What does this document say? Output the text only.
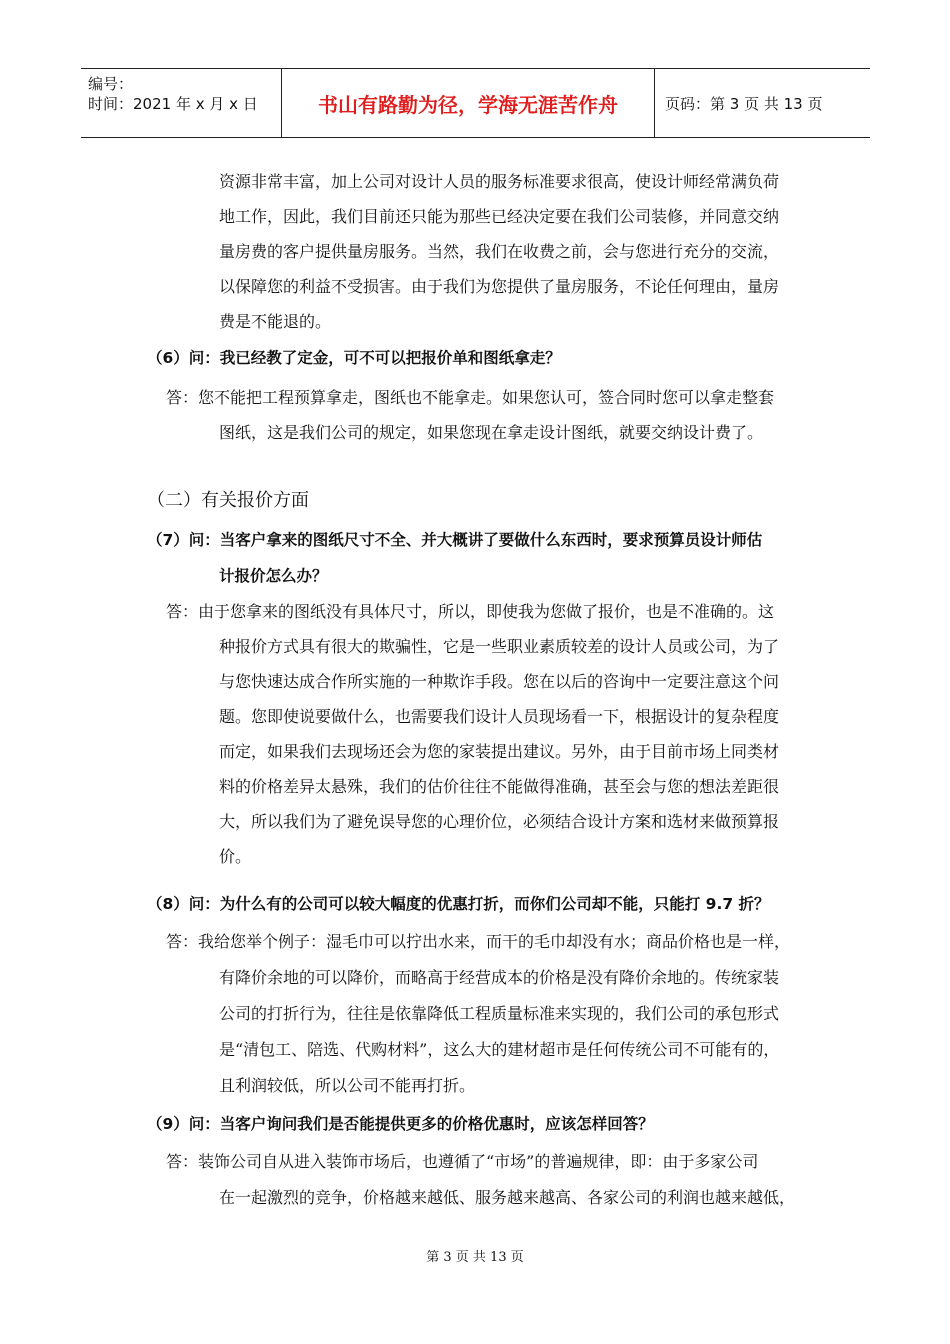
编号：
时间：2021 年 x 月 x 日	书山有路勤为径，学海无涯苦作舟	页码：第 3 页 共 13 页
资源非常丰富，加上公司对设计人员的服务标准要求很高，使设计师经常满负荷
地工作，因此，我们目前还只能为那些已经决定要在我们公司装修，并同意交纳
量房费的客户提供量房服务。当然，我们在收费之前，会与您进行充分的交流，
以保障您的利益不受损害。由于我们为您提供了量房服务，不论任何理由，量房
费是不能退的。
（6）问：我已经教了定金，可不可以把报价单和图纸拿走？
答：您不能把工程预算拿走，图纸也不能拿走。如果您认可，签合同时您可以拿走整套
图纸，这是我们公司的规定，如果您现在拿走设计图纸，就要交纳设计费了。
（二）有关报价方面
（7）问：当客户拿来的图纸尺寸不全、并大概讲了要做什么东西时，要求预算员设计师估
计报价怎么办？
答：由于您拿来的图纸没有具体尺寸，所以，即使我为您做了报价，也是不准确的。这
种报价方式具有很大的欺骗性，它是一些职业素质较差的设计人员或公司，为了
与您快速达成合作所实施的一种欺诈手段。您在以后的咨询中一定要注意这个问
题。您即使说要做什么，也需要我们设计人员现场看一下，根据设计的复杂程度
而定，如果我们去现场还会为您的家装提出建议。另外，由于目前市场上同类材
料的价格差异太悬殊，我们的估价往往不能做得准确，甚至会与您的想法差距很
大，所以我们为了避免误导您的心理价位，必须结合设计方案和选材来做预算报
价。
（8）问：为什么有的公司可以较大幅度的优惠打折，而你们公司却不能，只能打 9.7 折？
答：我给您举个例子：湿毛巾可以拧出水来，而干的毛巾却没有水；商品价格也是一样，
有降价余地的可以降价，而略高于经营成本的价格是没有降价余地的。传统家装
公司的打折行为，往往是依靠降低工程质量标准来实现的，我们公司的承包形式
是“清包工、陪选、代购材料”，这么大的建材超市是任何传统公司不可能有的，
且利润较低，所以公司不能再打折。
（9）问：当客户询问我们是否能提供更多的价格优惠时，应该怎样回答？
答：装饰公司自从进入装饰市场后，也遵循了“市场”的普遍规律，即：由于多家公司
在一起激烈的竞争，价格越来越低、服务越来越高、各家公司的利润也越来越低，
第 3 页 共 13 页
